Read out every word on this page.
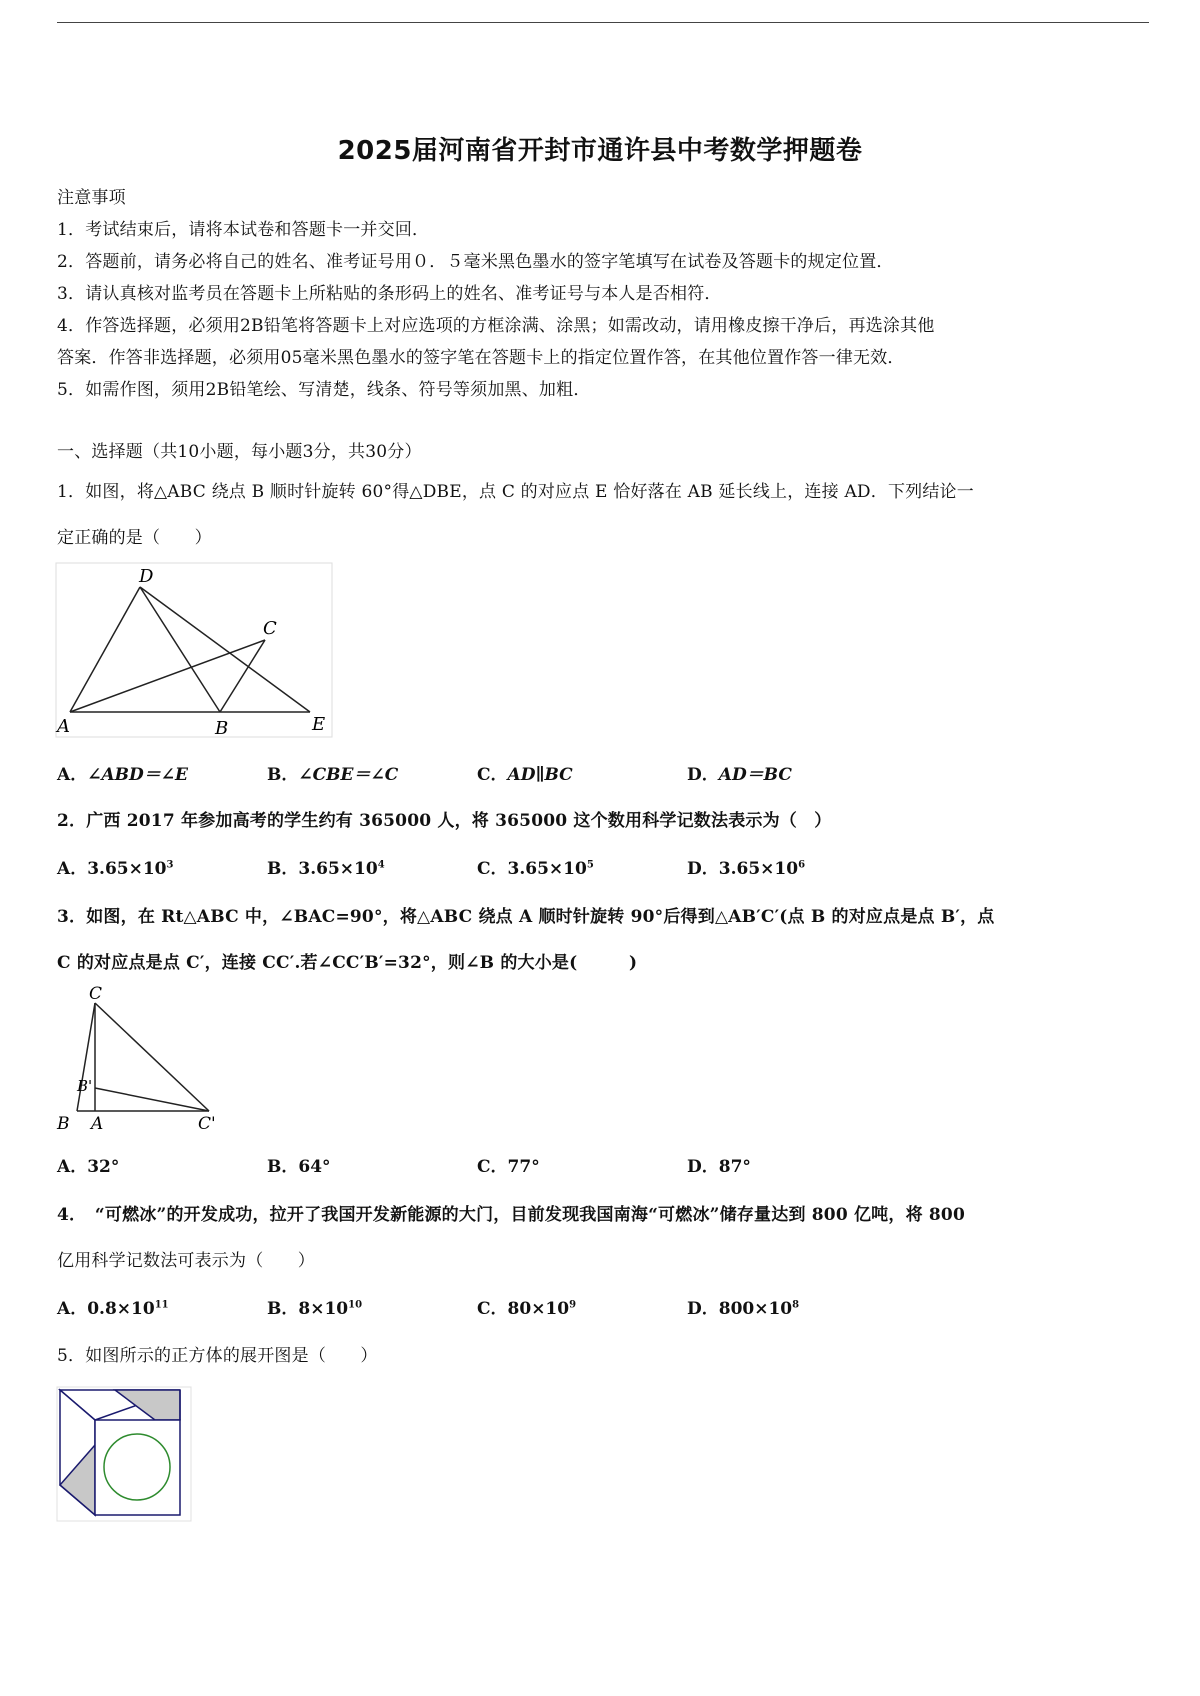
2025届河南省开封市通许县中考数学押题卷
注意事项
1．考试结束后，请将本试卷和答题卡一并交回．
2．答题前，请务必将自己的姓名、准考证号用０．５毫米黑色墨水的签字笔填写在试卷及答题卡的规定位置．
3．请认真核对监考员在答题卡上所粘贴的条形码上的姓名、准考证号与本人是否相符．
4．作答选择题，必须用2B铅笔将答题卡上对应选项的方框涂满、涂黑；如需改动，请用橡皮擦干净后，再选涂其他
答案．作答非选择题，必须用05毫米黑色墨水的签字笔在答题卡上的指定位置作答，在其他位置作答一律无效．
5．如需作图，须用2B铅笔绘、写清楚，线条、符号等须加黑、加粗．
一、选择题（共10小题，每小题3分，共30分）
1．如图，将△ABC 绕点 B 顺时针旋转 60°得△DBE，点 C 的对应点 E 恰好落在 AB 延长线上，连接 AD．下列结论一
定正确的是（　　）
D
C
A	B	E
A．∠ABD＝∠E	B．∠CBE＝∠C	C．AD∥BC	D．AD＝BC
2．广西 2017 年参加高考的学生约有 365000 人，将 365000 这个数用科学记数法表示为（　）
A．$3.65\times 10^3$	B．$3.65\times 10^4$	C．$3.65\times 10^5$	D．$3.65\times 10^6$
3．如图，在 Rt△ABC 中，∠BAC=90°，将△ABC 绕点 A 顺时针旋转 90°后得到△AB′C′(点 B 的对应点是点 B′，点
C 的对应点是点 C′，连接 CC′.若∠CC′B′=32°，则∠B 的大小是(　　　)
C
B'
B A	C'
A．32°	B．64°	C．77°	D．87°
4．　“可燃冰”的开发成功，拉开了我国开发新能源的大门，目前发现我国南海“可燃冰”储存量达到 800 亿吨，将 800
亿用科学记数法可表示为（　　）
A．$0.8\times 10^{11}$	B．$8\times 10^{10}$	C．$80\times 10^9$	D．$800\times 10^8$
5．如图所示的正方体的展开图是（　　）
